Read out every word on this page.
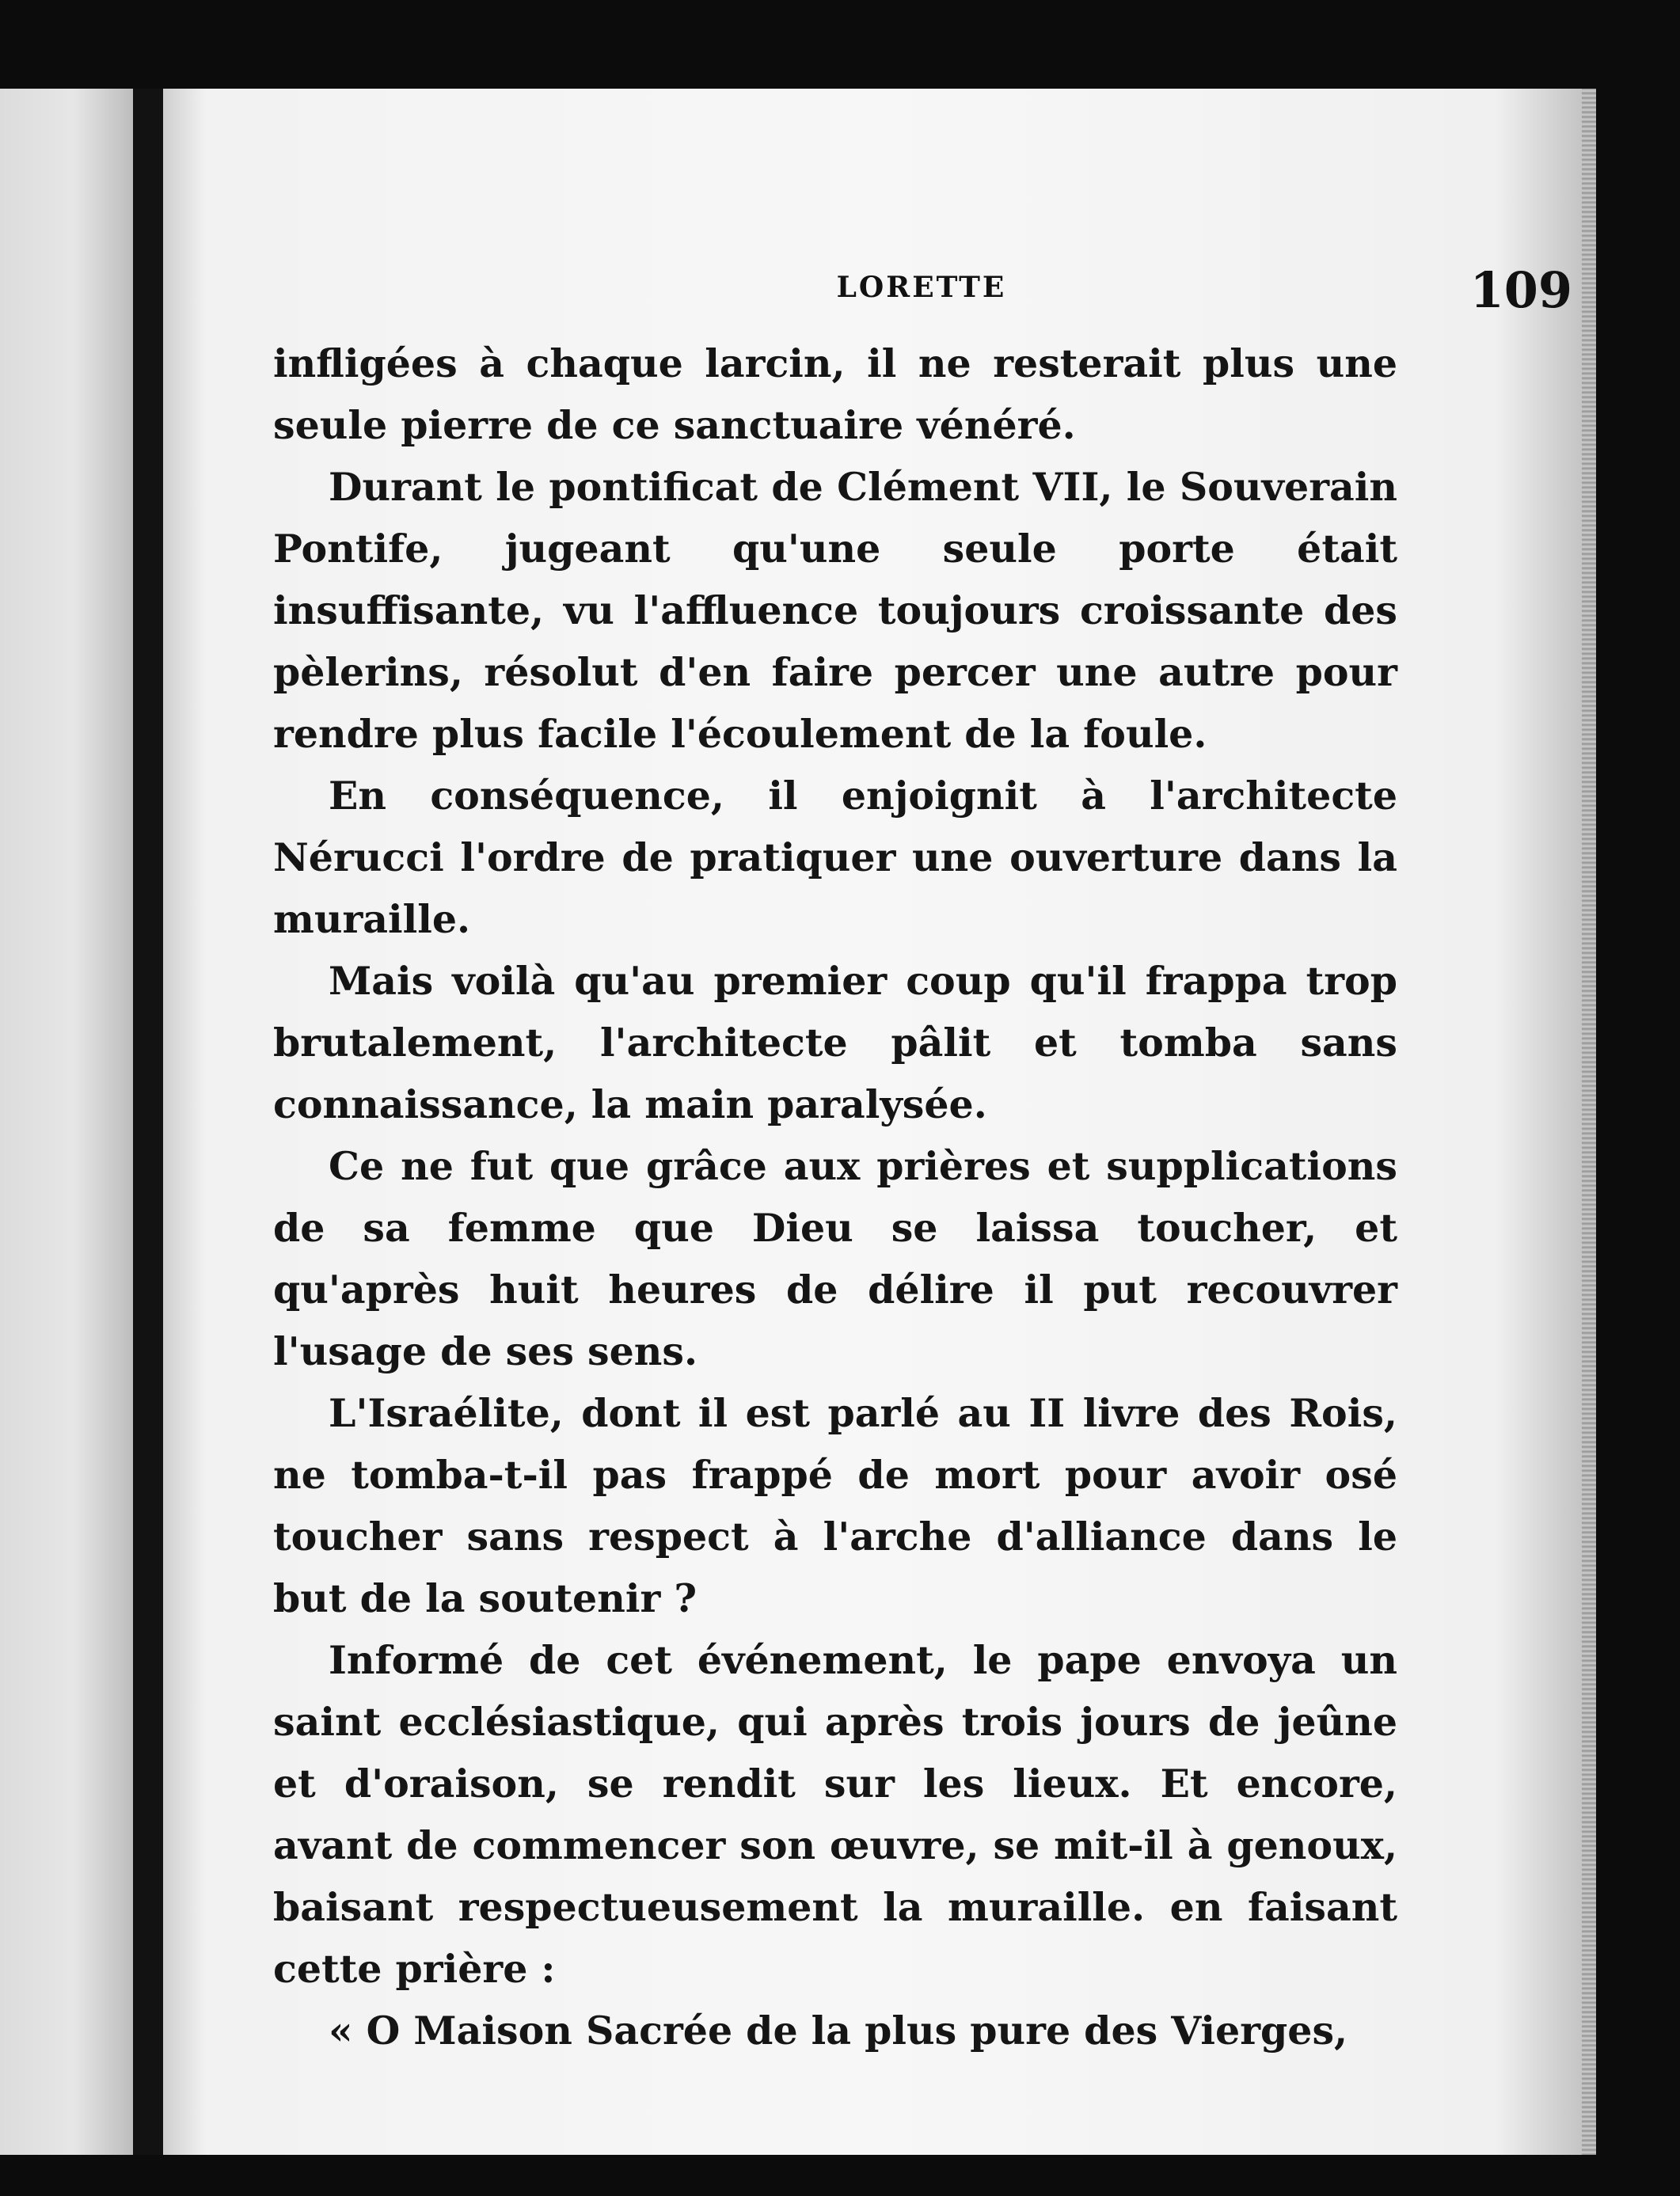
LORETTE	109

infligées à chaque larcin, il ne resterait plus une seule pierre de ce sanctuaire vénéré.

Durant le pontificat de Clément VII, le Souverain Pontife, jugeant qu'une seule porte était insuffisante, vu l'affluence toujours croissante des pèlerins, résolut d'en faire percer une autre pour rendre plus facile l'écoulement de la foule.

En conséquence, il enjoignit à l'architecte Nérucci l'ordre de pratiquer une ouverture dans la muraille.

Mais voilà qu'au premier coup qu'il frappa trop brutalement, l'architecte pâlit et tomba sans connaissance, la main paralysée.

Ce ne fut que grâce aux prières et supplications de sa femme que Dieu se laissa toucher, et qu'après huit heures de délire il put recouvrer l'usage de ses sens.

L'Israélite, dont il est parlé au II livre des Rois, ne tomba-t-il pas frappé de mort pour avoir osé toucher sans respect à l'arche d'alliance dans le but de la soutenir ?

Informé de cet événement, le pape envoya un saint ecclésiastique, qui après trois jours de jeûne et d'oraison, se rendit sur les lieux. Et encore, avant de commencer son œuvre, se mit-il à genoux, baisant respectueusement la muraille. en faisant cette prière :

« O Maison Sacrée de la plus pure des Vierges,
